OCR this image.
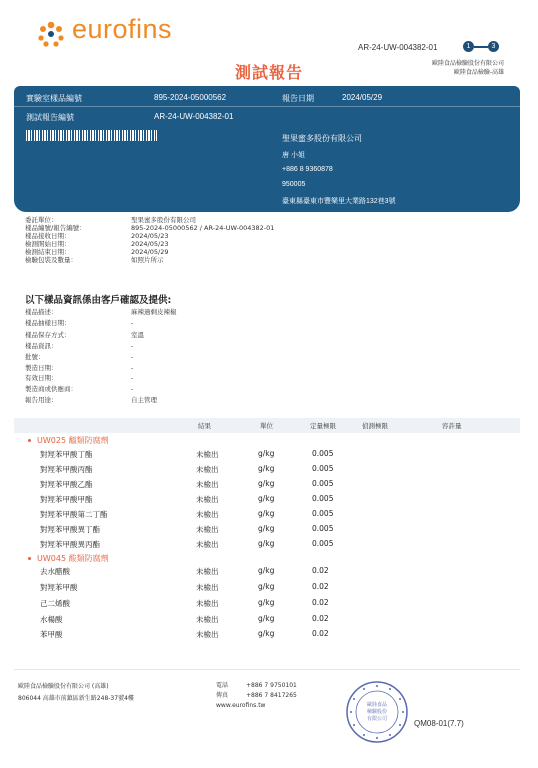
eurofins
AR-24-UW-004382-01	1	3
測試報告	歐陸食品檢驗股份有限公司
歐陸食品檢驗-高雄
實驗室樣品編號	895-2024-05000562	報告日期	2024/05/29
測試報告編號	AR-24-UW-004382-01
聖果蜜多股份有限公司
唐 小姐
+886 8 9360878
950005
臺東縣臺東市豐樂里大業路132巷3號
委託單位：	聖果蜜多股份有限公司
樣品編號/報告編號：	895-2024-05000562 / AR-24-UW-004382-01
樣品接收日期：	2024/05/23
檢測開始日期：	2024/05/23
檢測結束日期：	2024/05/29
檢驗包裝及數量：	如照片所示
以下樣品資訊係由客戶確認及提供:
樣品描述：	麻辣過剩皮辣椒
樣品抽樣日期：	-
樣品保存方式：	室溫
樣品資訊：	-
批號：	-
製造日期：	-
有效日期：	-
製造商或供應商：	-
報告用途：	自主管理
結果	單位	定量極限	偵測極限	容許量
UW025 醯類防腐劑
對羥苯甲酸丁酯	未檢出	g/kg	0.005
對羥苯甲酸丙酯	未檢出	g/kg	0.005
對羥苯甲酸乙酯	未檢出	g/kg	0.005
對羥苯甲酸甲酯	未檢出	g/kg	0.005
對羥苯甲酸第二丁酯	未檢出	g/kg	0.005
對羥苯甲酸異丁酯	未檢出	g/kg	0.005
對羥苯甲酸異丙酯	未檢出	g/kg	0.005
UW045 酸類防腐劑
去水醋酸	未檢出	g/kg	0.02
對羥苯甲酸	未檢出	g/kg	0.02
己二烯酸	未檢出	g/kg	0.02
水楊酸	未檢出	g/kg	0.02
苯甲酸	未檢出	g/kg	0.02
歐陸食品檢驗股份有限公司 (高雄)
806044 高雄市前鎮區新生路248-37號4樓
電話	+886 7 9750101
傳真	+886 7 8417265
www.eurofins.tw	歐陸食品
檢驗股份
有限公司	QM08-01(7.7)
